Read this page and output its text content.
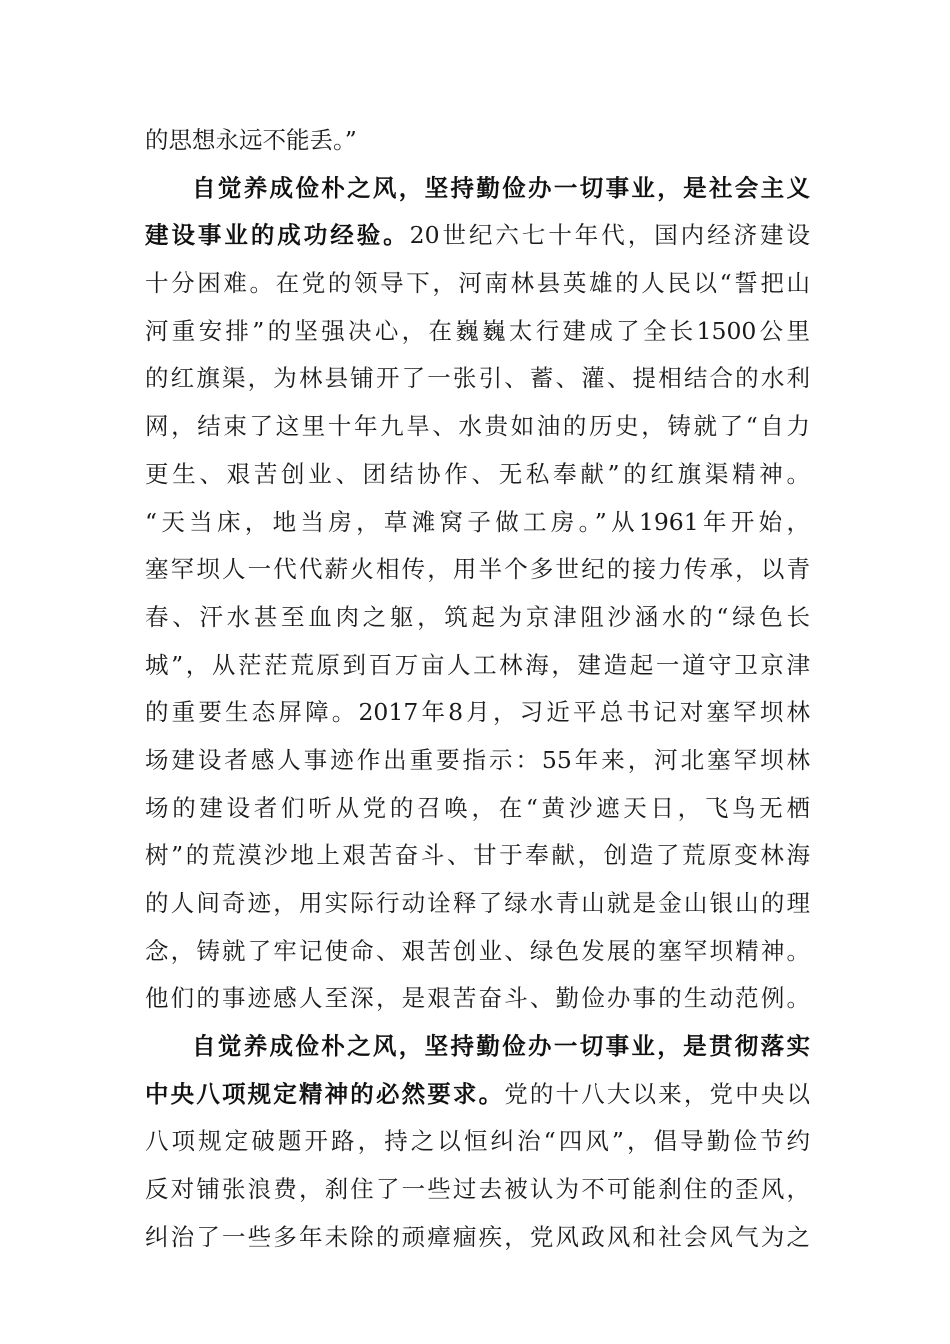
的思想永远不能丢。”
自觉养成俭朴之风，坚持勤俭办一切事业，是社会主义
建设事业的成功经验。20世纪六七十年代，国内经济建设
十分困难。在党的领导下，河南林县英雄的人民以“誓把山
河重安排”的坚强决心，在巍巍太行建成了全长1500公里
的红旗渠，为林县铺开了一张引、蓄、灌、提相结合的水利
网，结束了这里十年九旱、水贵如油的历史，铸就了“自力
更生、艰苦创业、团结协作、无私奉献”的红旗渠精神。
“天当床，地当房，草滩窝子做工房。”从1961年开始，
塞罕坝人一代代薪火相传，用半个多世纪的接力传承，以青
春、汗水甚至血肉之躯，筑起为京津阻沙涵水的“绿色长
城”，从茫茫荒原到百万亩人工林海，建造起一道守卫京津
的重要生态屏障。2017年8月，习近平总书记对塞罕坝林
场建设者感人事迹作出重要指示：55年来，河北塞罕坝林
场的建设者们听从党的召唤，在“黄沙遮天日，飞鸟无栖
树”的荒漠沙地上艰苦奋斗、甘于奉献，创造了荒原变林海
的人间奇迹，用实际行动诠释了绿水青山就是金山银山的理
念，铸就了牢记使命、艰苦创业、绿色发展的塞罕坝精神。
他们的事迹感人至深，是艰苦奋斗、勤俭办事的生动范例。
自觉养成俭朴之风，坚持勤俭办一切事业，是贯彻落实
中央八项规定精神的必然要求。党的十八大以来，党中央以
八项规定破题开路，持之以恒纠治“四风”，倡导勤俭节约
反对铺张浪费，刹住了一些过去被认为不可能刹住的歪风，
纠治了一些多年未除的顽瘴痼疾，党风政风和社会风气为之
